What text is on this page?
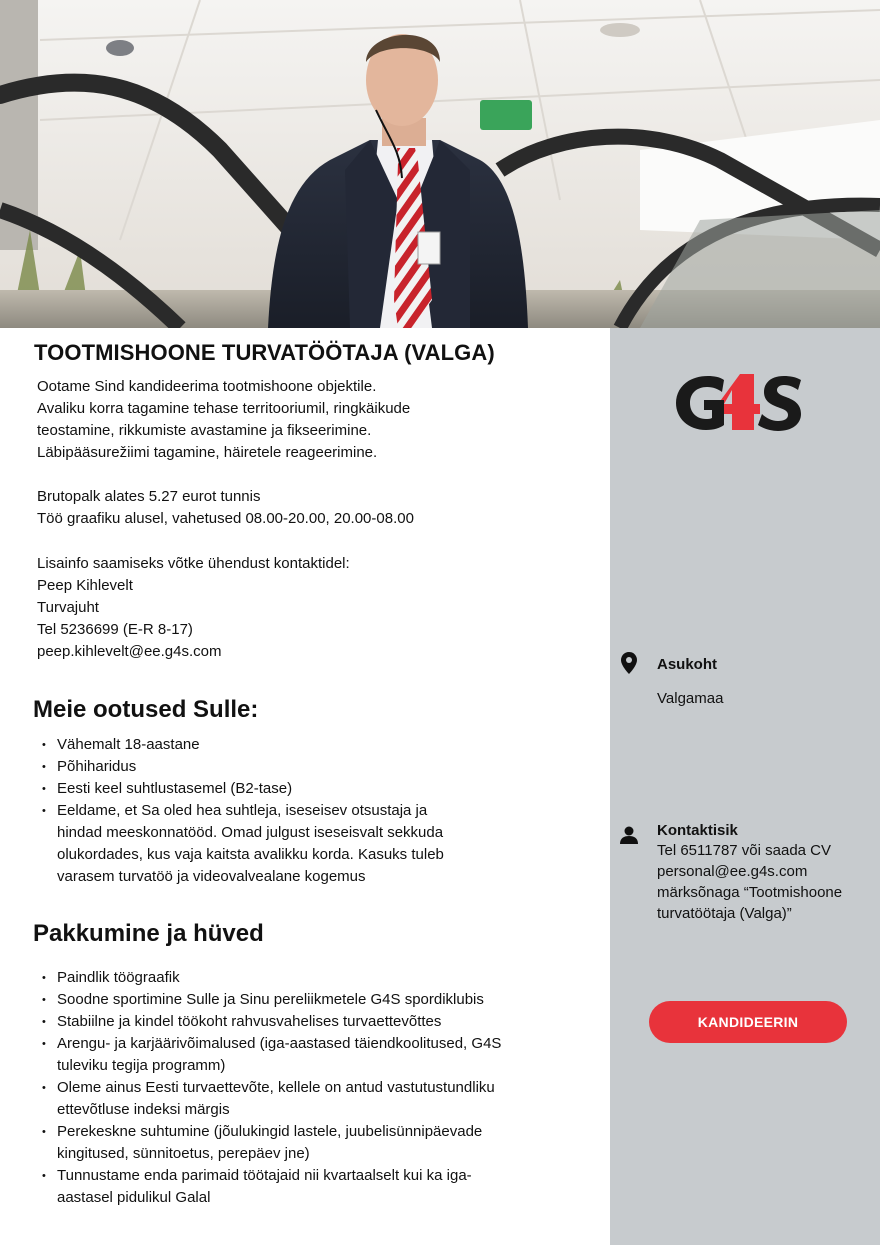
TOOTMISHOONE TURVATÖÖTAJA (VALGA)

Ootame Sind kandideerima tootmishoone objektile.

Avaliku korra tagamine tehase territooriumil, ringkäikude

teostamine, rikkumiste avastamine ja fikseerimine.

Läbipääsurežiimi tagamine, häiretele reageerimine.

Brutopalk alates 5.27 eurot tunnis

Töö graafiku alusel, vahetused 08.00-20.00, 20.00-08.00

Lisainfo saamiseks võtke ühendust kontaktidel:

Peep Kihlevelt

Turvajuht

Tel 5236699 (E-R 8-17)

peep.kihlevelt@ee.g4s.com

Meie ootused Sulle:
• Vähemalt 18-aastane
• Põhiharidus
• Eesti keel suhtlustasemel (B2-tase)
• Eeldame, et Sa oled hea suhtleja, iseseisev otsustaja ja
hindad meeskonnatööd. Omad julgust iseseisvalt sekkuda
olukordades, kus vaja kaitsta avalikku korda. Kasuks tuleb
varasem turvatöö ja videovalvealane kogemus
Pakkumine ja hüved
• Paindlik töögraafik
• Soodne sportimine Sulle ja Sinu pereliikmetele G4S spordiklubis
• Stabiilne ja kindel töökoht rahvusvahelises turvaettevõttes
• Arengu- ja karjäärivõimalused (iga-aastased täiendkoolitused, G4S
tuleviku tegija programm)
• Oleme ainus Eesti turvaettevõte, kellele on antud vastutustundliku
ettevõtluse indeksi märgis
• Perekeskne suhtumine (jõulukingid lastele, juubelisünnipäevade
kingitused, sünnitoetus, perepäev jne)
• Tunnustame enda parimaid töötajaid nii kvartaalselt kui ka iga-
aastasel pidulikul Galal
Asukoht
Valgamaa
Kontaktisik
Tel 6511787 või saada CV
personal@ee.g4s.com
märksõnaga “Tootmishoone
turvatöötaja (Valga)”
KANDIDEERIN
